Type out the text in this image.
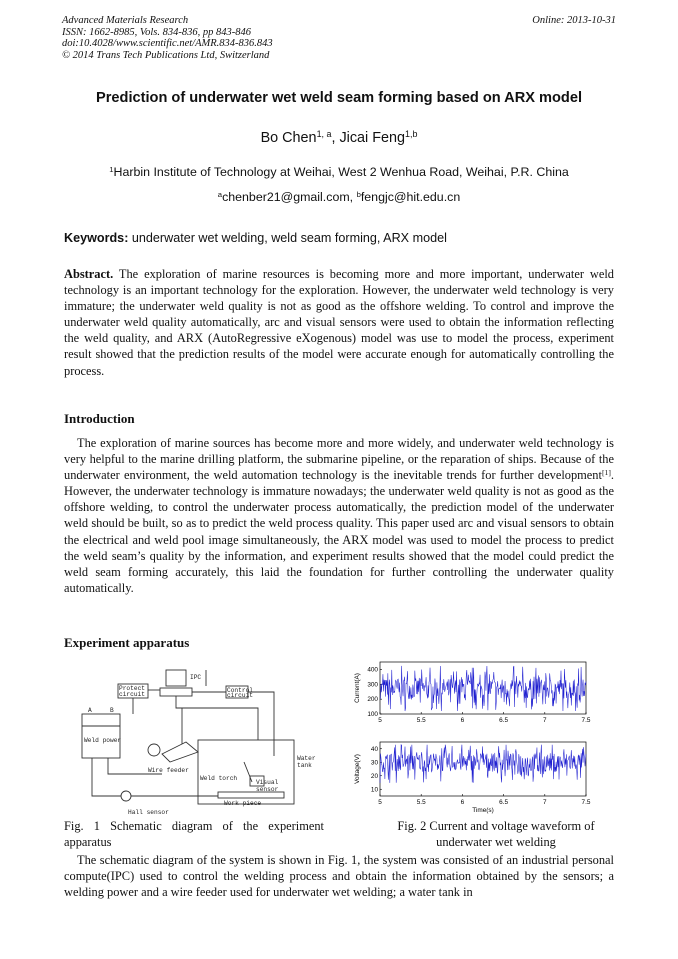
Advanced Materials Research
ISSN: 1662-8985, Vols. 834-836, pp 843-846
doi:10.4028/www.scientific.net/AMR.834-836.843
© 2014 Trans Tech Publications Ltd, Switzerland
Online: 2013-10-31
Prediction of underwater wet weld seam forming based on ARX model
Bo Chen$^{1, a}$, Jicai Feng$^{1,b}$
$^1$Harbin Institute of Technology at Weihai, West 2 Wenhua Road, Weihai, P.R. China
$^a$chenber21@gmail.com, $^b$fengjc@hit.edu.cn
Keywords: underwater wet welding, weld seam forming, ARX model

Abstract. The exploration of marine resources is becoming more and more important, underwater weld technology is an important technology for the exploration. However, the underwater weld technology is very immature; the underwater weld quality is not as good as the offshore welding. To control and improve the underwater weld quality automatically, arc and visual sensors were used to obtain the information reflecting the weld quality, and ARX (AutoRegressive eXogenous) model was use to model the process, experiment result showed that the prediction results of the model were accurate enough for automatically controlling the process.

Introduction

The exploration of marine sources has become more and more widely, and underwater weld technology is very helpful to the marine drilling platform, the submarine pipeline, or the reparation of ships. Because of the underwater environment, the weld automation technology is the inevitable trends for further development[1]. However, the underwater technology is immature nowadays; the underwater weld quality is not as good as the offshore welding, to control the underwater process automatically, the prediction model of the underwater weld should be built, so as to predict the weld process quality. This paper used arc and visual sensors to obtain the electrical and weld pool image simultaneously, the ARX model was used to model the process to predict the weld seam’s quality by the information, and experiment results showed that the model could predict the weld seam forming accurately, this laid the foundation for further controlling the underwater quality automatically.

Experiment apparatus

IPC
Protect
circuit
Control
circuit
A	B
Weld power
Wire feeder
Weld torch
Visual
sensor
Water
tank
Work piece
Hall sensor
Fig. 1 Schematic diagram of the experiment apparatus
5	5.5	6	6.5	7	7.5
100
200
300
400
Current(A)
5	5.5	6	6.5	7	7.5
10
20
30
40
Voltage(V)
Time(s)
Fig. 2 Current and voltage waveform of
underwater wet welding

The schematic diagram of the system is shown in Fig. 1, the system was consisted of an industrial personal compute(IPC) used to control the welding process and obtain the information obtained by the sensors; a welding power and a wire feeder used for underwater wet welding; a water tank in
